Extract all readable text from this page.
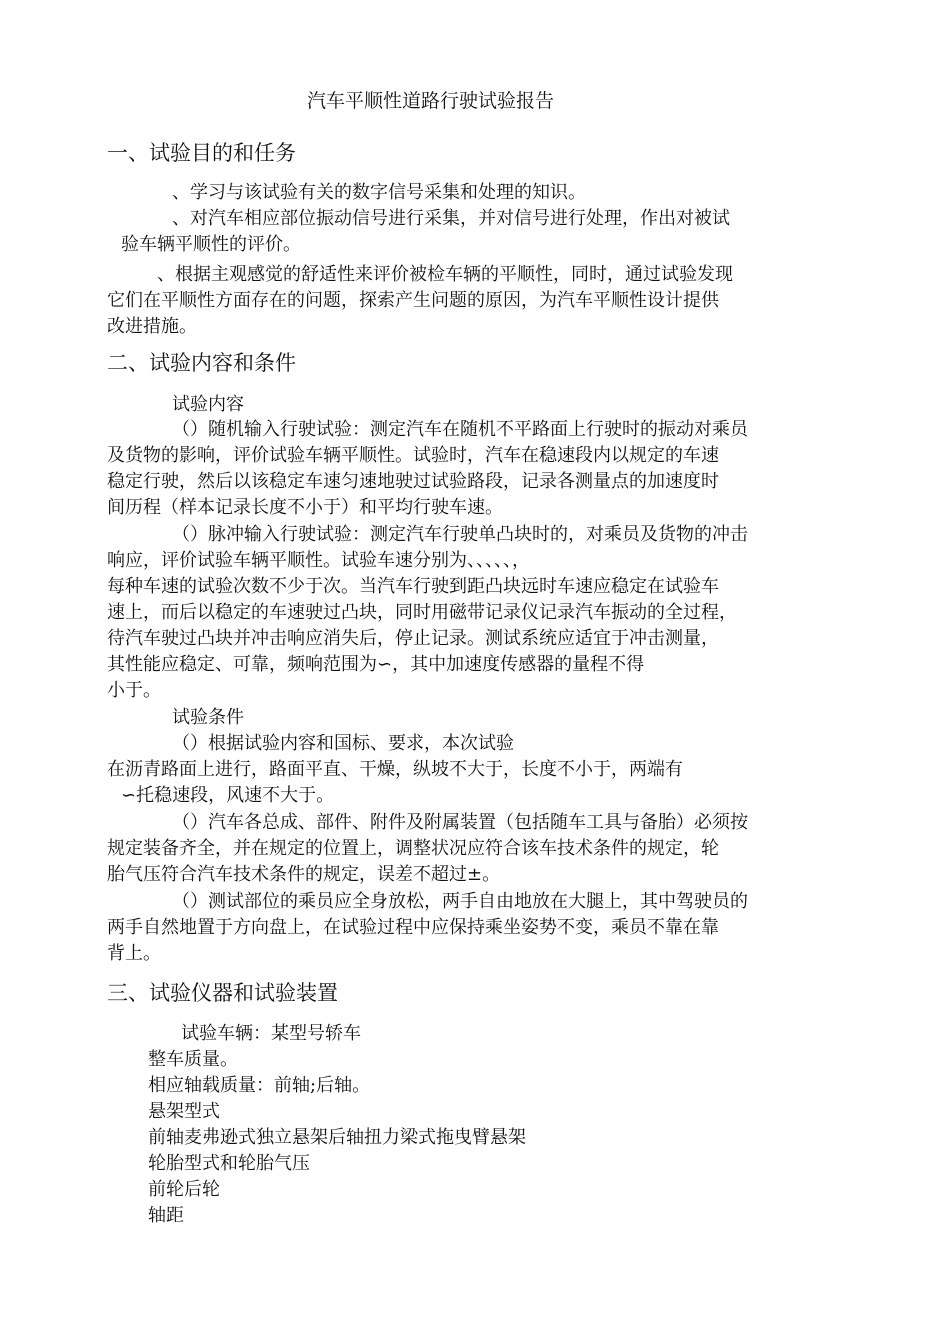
汽车平顺性道路行驶试验报告
一、试验目的和任务
、学习与该试验有关的数字信号采集和处理的知识。
、对汽车相应部位振动信号进行采集，并对信号进行处理，作出对被试
验车辆平顺性的评价。
、根据主观感觉的舒适性来评价被检车辆的平顺性，同时，通过试验发现
它们在平顺性方面存在的问题，探索产生问题的原因，为汽车平顺性设计提供
改进措施。
二、试验内容和条件
试验内容
（）随机输入行驶试验：测定汽车在随机不平路面上行驶时的振动对乘员
及货物的影响，评价试验车辆平顺性。试验时，汽车在稳速段内以规定的车速
稳定行驶，然后以该稳定车速匀速地驶过试验路段，记录各测量点的加速度时
间历程（样本记录长度不小于）和平均行驶车速。
（）脉冲输入行驶试验：测定汽车行驶单凸块时的，对乘员及货物的冲击
响应，评价试验车辆平顺性。试验车速分别为、、、、、，
每种车速的试验次数不少于次。当汽车行驶到距凸块远时车速应稳定在试验车
速上，而后以稳定的车速驶过凸块，同时用磁带记录仪记录汽车振动的全过程，
待汽车驶过凸块并冲击响应消失后，停止记录。测试系统应适宜于冲击测量，
其性能应稳定、可靠，频响范围为∽，其中加速度传感器的量程不得
小于。
试验条件
（）根据试验内容和国标、要求，本次试验
在沥青路面上进行，路面平直、干燥，纵坡不大于，长度不小于，两端有
∽托稳速段，风速不大于。
（）汽车各总成、部件、附件及附属装置（包括随车工具与备胎）必须按
规定装备齐全，并在规定的位置上，调整状况应符合该车技术条件的规定，轮
胎气压符合汽车技术条件的规定，误差不超过±。
（）测试部位的乘员应全身放松，两手自由地放在大腿上，其中驾驶员的
两手自然地置于方向盘上，在试验过程中应保持乘坐姿势不变，乘员不靠在靠
背上。
三、试验仪器和试验装置
试验车辆：某型号轿车
整车质量。
相应轴载质量：前轴;后轴。
悬架型式
前轴麦弗逊式独立悬架后轴扭力梁式拖曳臂悬架
轮胎型式和轮胎气压
前轮后轮
轴距
